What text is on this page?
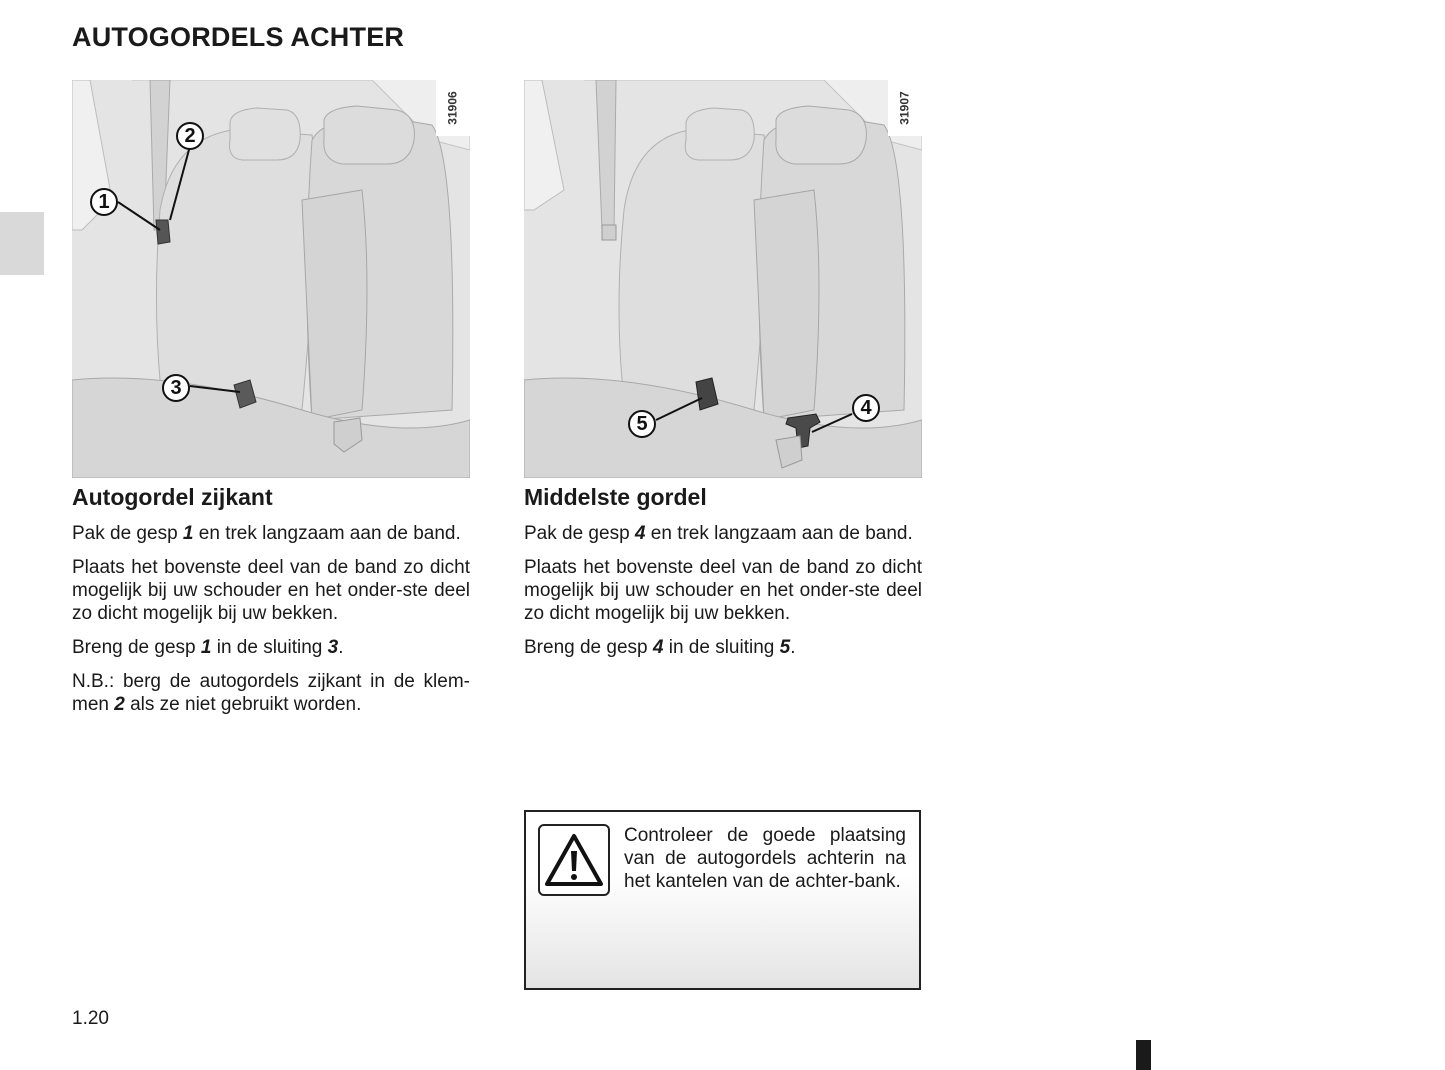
AUTOGORDELS ACHTER
31906
1
2
3
31907
4
5
Autogordel zijkant

Pak de gesp 1 en trek langzaam aan de band.

Plaats het bovenste deel van de band zo dicht mogelijk bij uw schouder en het onder-ste deel zo dicht mogelijk bij uw bekken.

Breng de gesp 1 in de sluiting 3.

N.B.: berg de autogordels zijkant in de klem-men 2 als ze niet gebruikt worden.

Middelste gordel

Pak de gesp 4 en trek langzaam aan de band.

Plaats het bovenste deel van de band zo dicht mogelijk bij uw schouder en het onder-ste deel zo dicht mogelijk bij uw bekken.

Breng de gesp 4 in de sluiting 5.

Controleer de goede plaatsing van de autogordels achterin na het kantelen van de achter-bank.

1.20
